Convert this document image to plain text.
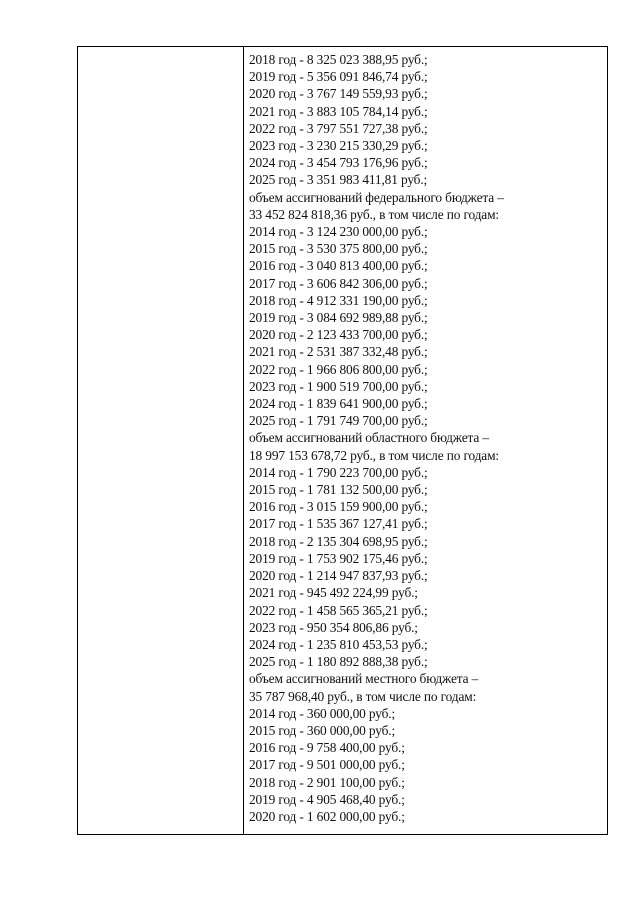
2018 год - 8 325 023 388,95 руб.;
2019 год - 5 356 091 846,74 руб.;
2020 год - 3 767 149 559,93 руб.;
2021 год - 3 883 105 784,14 руб.;
2022 год - 3 797 551 727,38 руб.;
2023 год - 3 230 215 330,29 руб.;
2024 год - 3 454 793 176,96 руб.;
2025 год - 3 351 983 411,81 руб.;
объем ассигнований федерального бюджета –
33 452 824 818,36 руб., в том числе по годам:
2014 год - 3 124 230 000,00 руб.;
2015 год - 3 530 375 800,00 руб.;
2016 год - 3 040 813 400,00 руб.;
2017 год - 3 606 842 306,00 руб.;
2018 год - 4 912 331 190,00 руб.;
2019 год - 3 084 692 989,88 руб.;
2020 год - 2 123 433 700,00 руб.;
2021 год - 2 531 387 332,48 руб.;
2022 год - 1 966 806 800,00 руб.;
2023 год - 1 900 519 700,00 руб.;
2024 год - 1 839 641 900,00 руб.;
2025 год - 1 791 749 700,00 руб.;
объем ассигнований областного бюджета –
18 997 153 678,72 руб., в том числе по годам:
2014 год - 1 790 223 700,00 руб.;
2015 год - 1 781 132 500,00 руб.;
2016 год - 3 015 159 900,00 руб.;
2017 год - 1 535 367 127,41 руб.;
2018 год - 2 135 304 698,95 руб.;
2019 год - 1 753 902 175,46 руб.;
2020 год - 1 214 947 837,93 руб.;
2021 год - 945 492 224,99 руб.;
2022 год - 1 458 565 365,21 руб.;
2023 год - 950 354 806,86 руб.;
2024 год - 1 235 810 453,53 руб.;
2025 год - 1 180 892 888,38 руб.;
объем ассигнований местного бюджета –
35 787 968,40 руб., в том числе по годам:
2014 год - 360 000,00 руб.;
2015 год - 360 000,00 руб.;
2016 год - 9 758 400,00 руб.;
2017 год - 9 501 000,00 руб.;
2018 год - 2 901 100,00 руб.;
2019 год - 4 905 468,40 руб.;
2020 год - 1 602 000,00 руб.;
